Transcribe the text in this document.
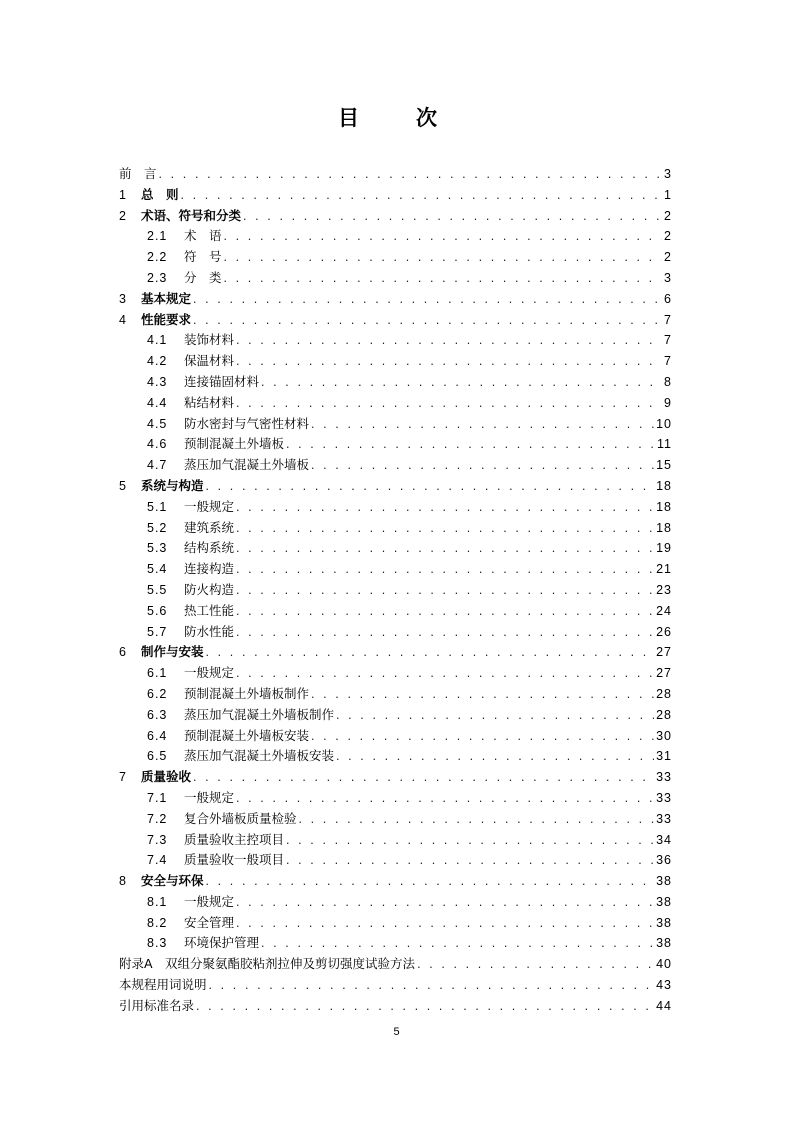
目　次
前　言 . . .	3
1	总　则 . . .	1
2	术语、符号和分类 . . .	2
2.1	术　语 . . .	2
2.2	符　号 . . .	2
2.3	分　类 . . .	3
3	基本规定 . . .	6
4	性能要求 . . .	7
4.1	装饰材料 . . .	7
4.2	保温材料 . . .	7
4.3	连接锚固材料 . . .	8
4.4	粘结材料 . . .	9
4.5	防水密封与气密性材料 . . .	10
4.6	预制混凝土外墙板 . . .	11
4.7	蒸压加气混凝土外墙板 . . .	15
5	系统与构造 . . .	18
5.1	一般规定 . . .	18
5.2	建筑系统 . . .	18
5.3	结构系统 . . .	19
5.4	连接构造 . . .	21
5.5	防火构造 . . .	23
5.6	热工性能 . . .	24
5.7	防水性能 . . .	26
6	制作与安装 . . .	27
6.1	一般规定 . . .	27
6.2	预制混凝土外墙板制作 . . .	28
6.3	蒸压加气混凝土外墙板制作 . . .	28
6.4	预制混凝土外墙板安装 . . .	30
6.5	蒸压加气混凝土外墙板安装 . . .	31
7	质量验收 . . .	33
7.1	一般规定 . . .	33
7.2	复合外墙板质量检验 . . .	33
7.3	质量验收主控项目 . . .	34
7.4	质量验收一般项目 . . .	36
8	安全与环保 . . .	38
8.1	一般规定 . . .	38
8.2	安全管理 . . .	38
8.3	环境保护管理 . . .	38
附录A　双组分聚氨酯胶粘剂拉伸及剪切强度试验方法 . . .	40
本规程用词说明 . . .	43
引用标准名录 . . .	44
5
